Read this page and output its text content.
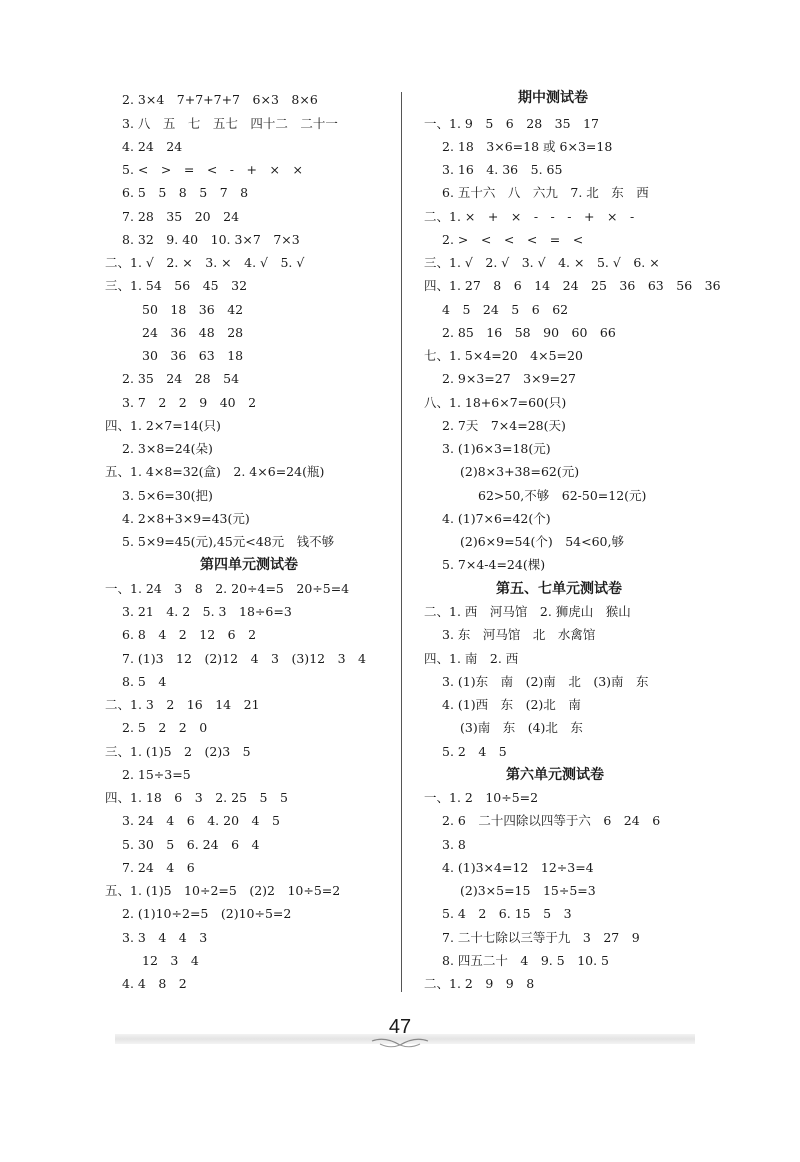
2. 3×4　7+7+7+7　6×3　8×6
3. 八　五　七　五七　四十二　二十一
4. 24　24
5. <　>　=　<　-　+　×　×
6. 5　5　8　5　7　8
7. 28　35　20　24
8. 32　9. 40　10. 3×7　7×3
二、1. √　2. ×　3. ×　4. √　5. √
三、1. 54　56　45　32
50　18　36　42
24　36　48　28
30　36　63　18
2. 35　24　28　54
3. 7　2　2　9　40　2
四、1. 2×7=14(只)
2. 3×8=24(朵)
五、1. 4×8=32(盒)　2. 4×6=24(瓶)
3. 5×6=30(把)
4. 2×8+3×9=43(元)
5. 5×9=45(元),45元<48元　钱不够
第四单元测试卷
一、1. 24　3　8　2. 20÷4=5　20÷5=4
3. 21　4. 2　5. 3　18÷6=3
6. 8　4　2　12　6　2
7. (1)3　12　(2)12　4　3　(3)12　3　4
8. 5　4
二、1. 3　2　16　14　21
2. 5　2　2　0
三、1. (1)5　2　(2)3　5
2. 15÷3=5
四、1. 18　6　3　2. 25　5　5
3. 24　4　6　4. 20　4　5
5. 30　5　6. 24　6　4
7. 24　4　6
五、1. (1)5　10÷2=5　(2)2　10÷5=2
2. (1)10÷2=5　(2)10÷5=2
3. 3　4　4　3
12　3　4
4. 4　8　2
期中测试卷
一、1. 9　5　6　28　35　17
2. 18　3×6=18 或 6×3=18
3. 16　4. 36　5. 65
6. 五十六　八　六九　7. 北　东　西
二、1. ×　+　×　-　-　-　+　×　-
2. >　<　<　<　=　<
三、1. √　2. √　3. √　4. ×　5. √　6. ×
四、1. 27　8　6　14　24　25　36　63　56　36
4　5　24　5　6　62
2. 85　16　58　90　60　66
七、1. 5×4=20　4×5=20
2. 9×3=27　3×9=27
八、1. 18+6×7=60(只)
2. 7天　7×4=28(天)
3. (1)6×3=18(元)
(2)8×3+38=62(元)
62>50,不够　62-50=12(元)
4. (1)7×6=42(个)
(2)6×9=54(个)　54<60,够
5. 7×4-4=24(棵)
第五、七单元测试卷
二、1. 西　河马馆　2. 狮虎山　猴山
3. 东　河马馆　北　水禽馆
四、1. 南　2. 西
3. (1)东　南　(2)南　北　(3)南　东
4. (1)西　东　(2)北　南
(3)南　东　(4)北　东
5. 2　4　5
第六单元测试卷
一、1. 2　10÷5=2
2. 6　二十四除以四等于六　6　24　6
3. 8
4. (1)3×4=12　12÷3=4
(2)3×5=15　15÷5=3
5. 4　2　6. 15　5　3
7. 二十七除以三等于九　3　27　9
8. 四五二十　4　9. 5　10. 5
二、1. 2　9　9　8
47
